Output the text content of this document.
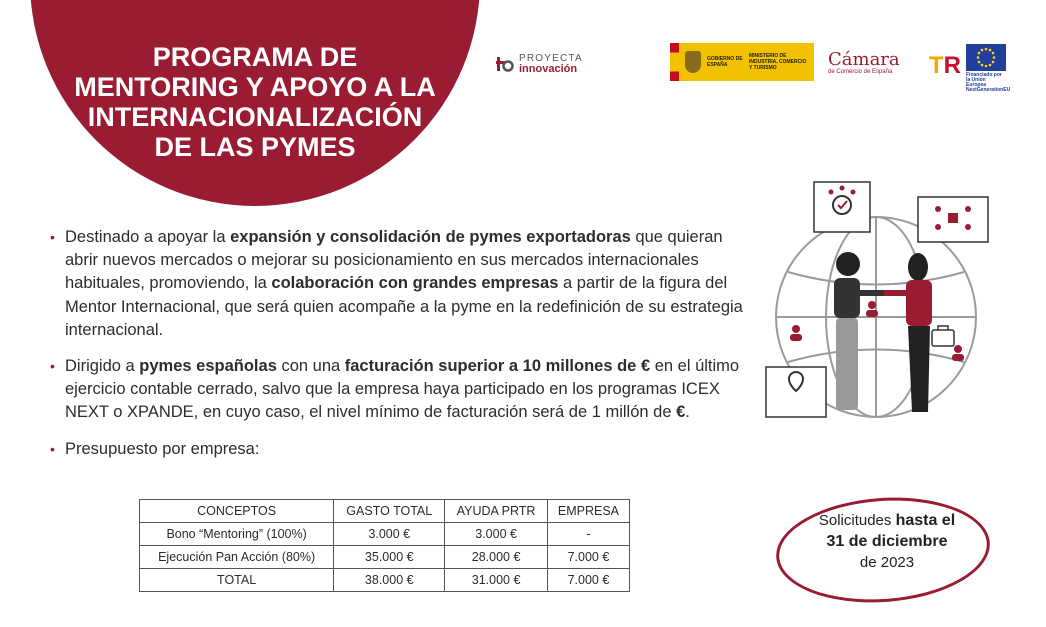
AYUDAS NACIONALES
PROGRAMA DE
MENTORING Y APOYO A LA
INTERNACIONALIZACIÓN
DE LAS PYMES
PROYECTA
innovación
GOBIERNO DE ESPAÑA
MINISTERIO DE INDUSTRIA, COMERCIO Y TURISMO	Cámara
de Comercio de España	TR Financiado por la Unión Europea NextGenerationEU
• Destinado a apoyar la expansión y consolidación de pymes exportadoras que quieran abrir nuevos mercados o mejorar su posicionamiento en sus mercados internacionales habituales, promoviendo, la colaboración con grandes empresas a partir de la figura del Mentor Internacional, que será quien acompañe a la pyme en la redefinición de su estrategia internacional.
• Dirigido a pymes españolas con una facturación superior a 10 millones de € en el último ejercicio contable cerrado, salvo que la empresa haya participado en los programas ICEX NEXT o XPANDE, en cuyo caso, el nivel mínimo de facturación será de 1 millón de €.
• Presupuesto por empresa:
CONCEPTOS	GASTO TOTAL	AYUDA PRTR	EMPRESA
Bono “Mentoring” (100%)	3.000 €	3.000 €	-
Ejecución Pan Acción (80%)	35.000 €	28.000 €	7.000 €
TOTAL	38.000 €	31.000 €	7.000 €
Solicitudes hasta el
31 de diciembre
de 2023
